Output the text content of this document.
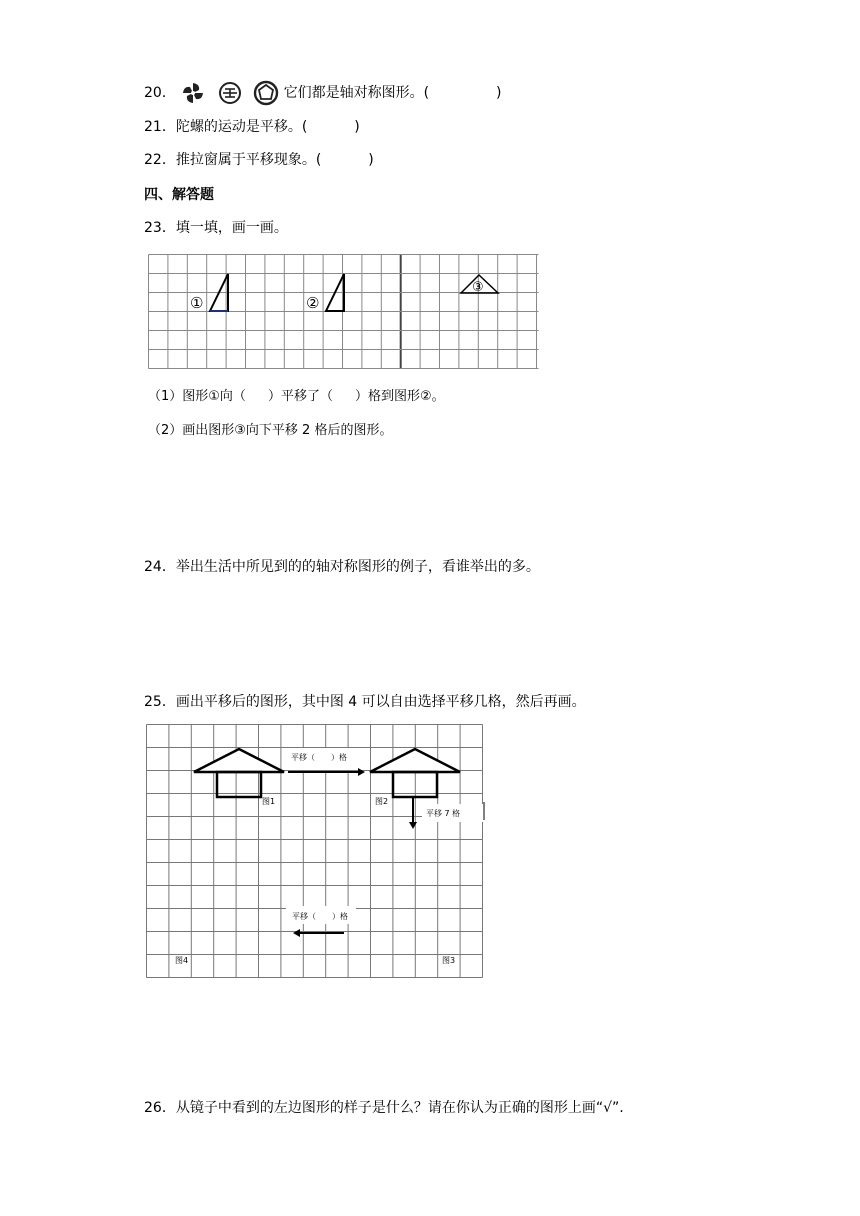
20．	它们都是轴对称图形。(	)
21．陀螺的运动是平移。(	)
22．推拉窗属于平移现象。(	)
四、解答题
23．填一填，画一画。
①	②
③
（1）图形①向（ ）平移了（ ）格到图形②。
（2）画出图形③向下平移 2 格后的图形。
24．举出生活中所见到的的轴对称图形的例子，看谁举出的多。
25．画出平移后的图形，其中图 4 可以自由选择平移几格，然后再画。
图1
平移（　　）格
图2
平移 7 格
平移（　　）格
图3
图4
26．从镜子中看到的左边图形的样子是什么？请在你认为正确的图形上画“√”.
